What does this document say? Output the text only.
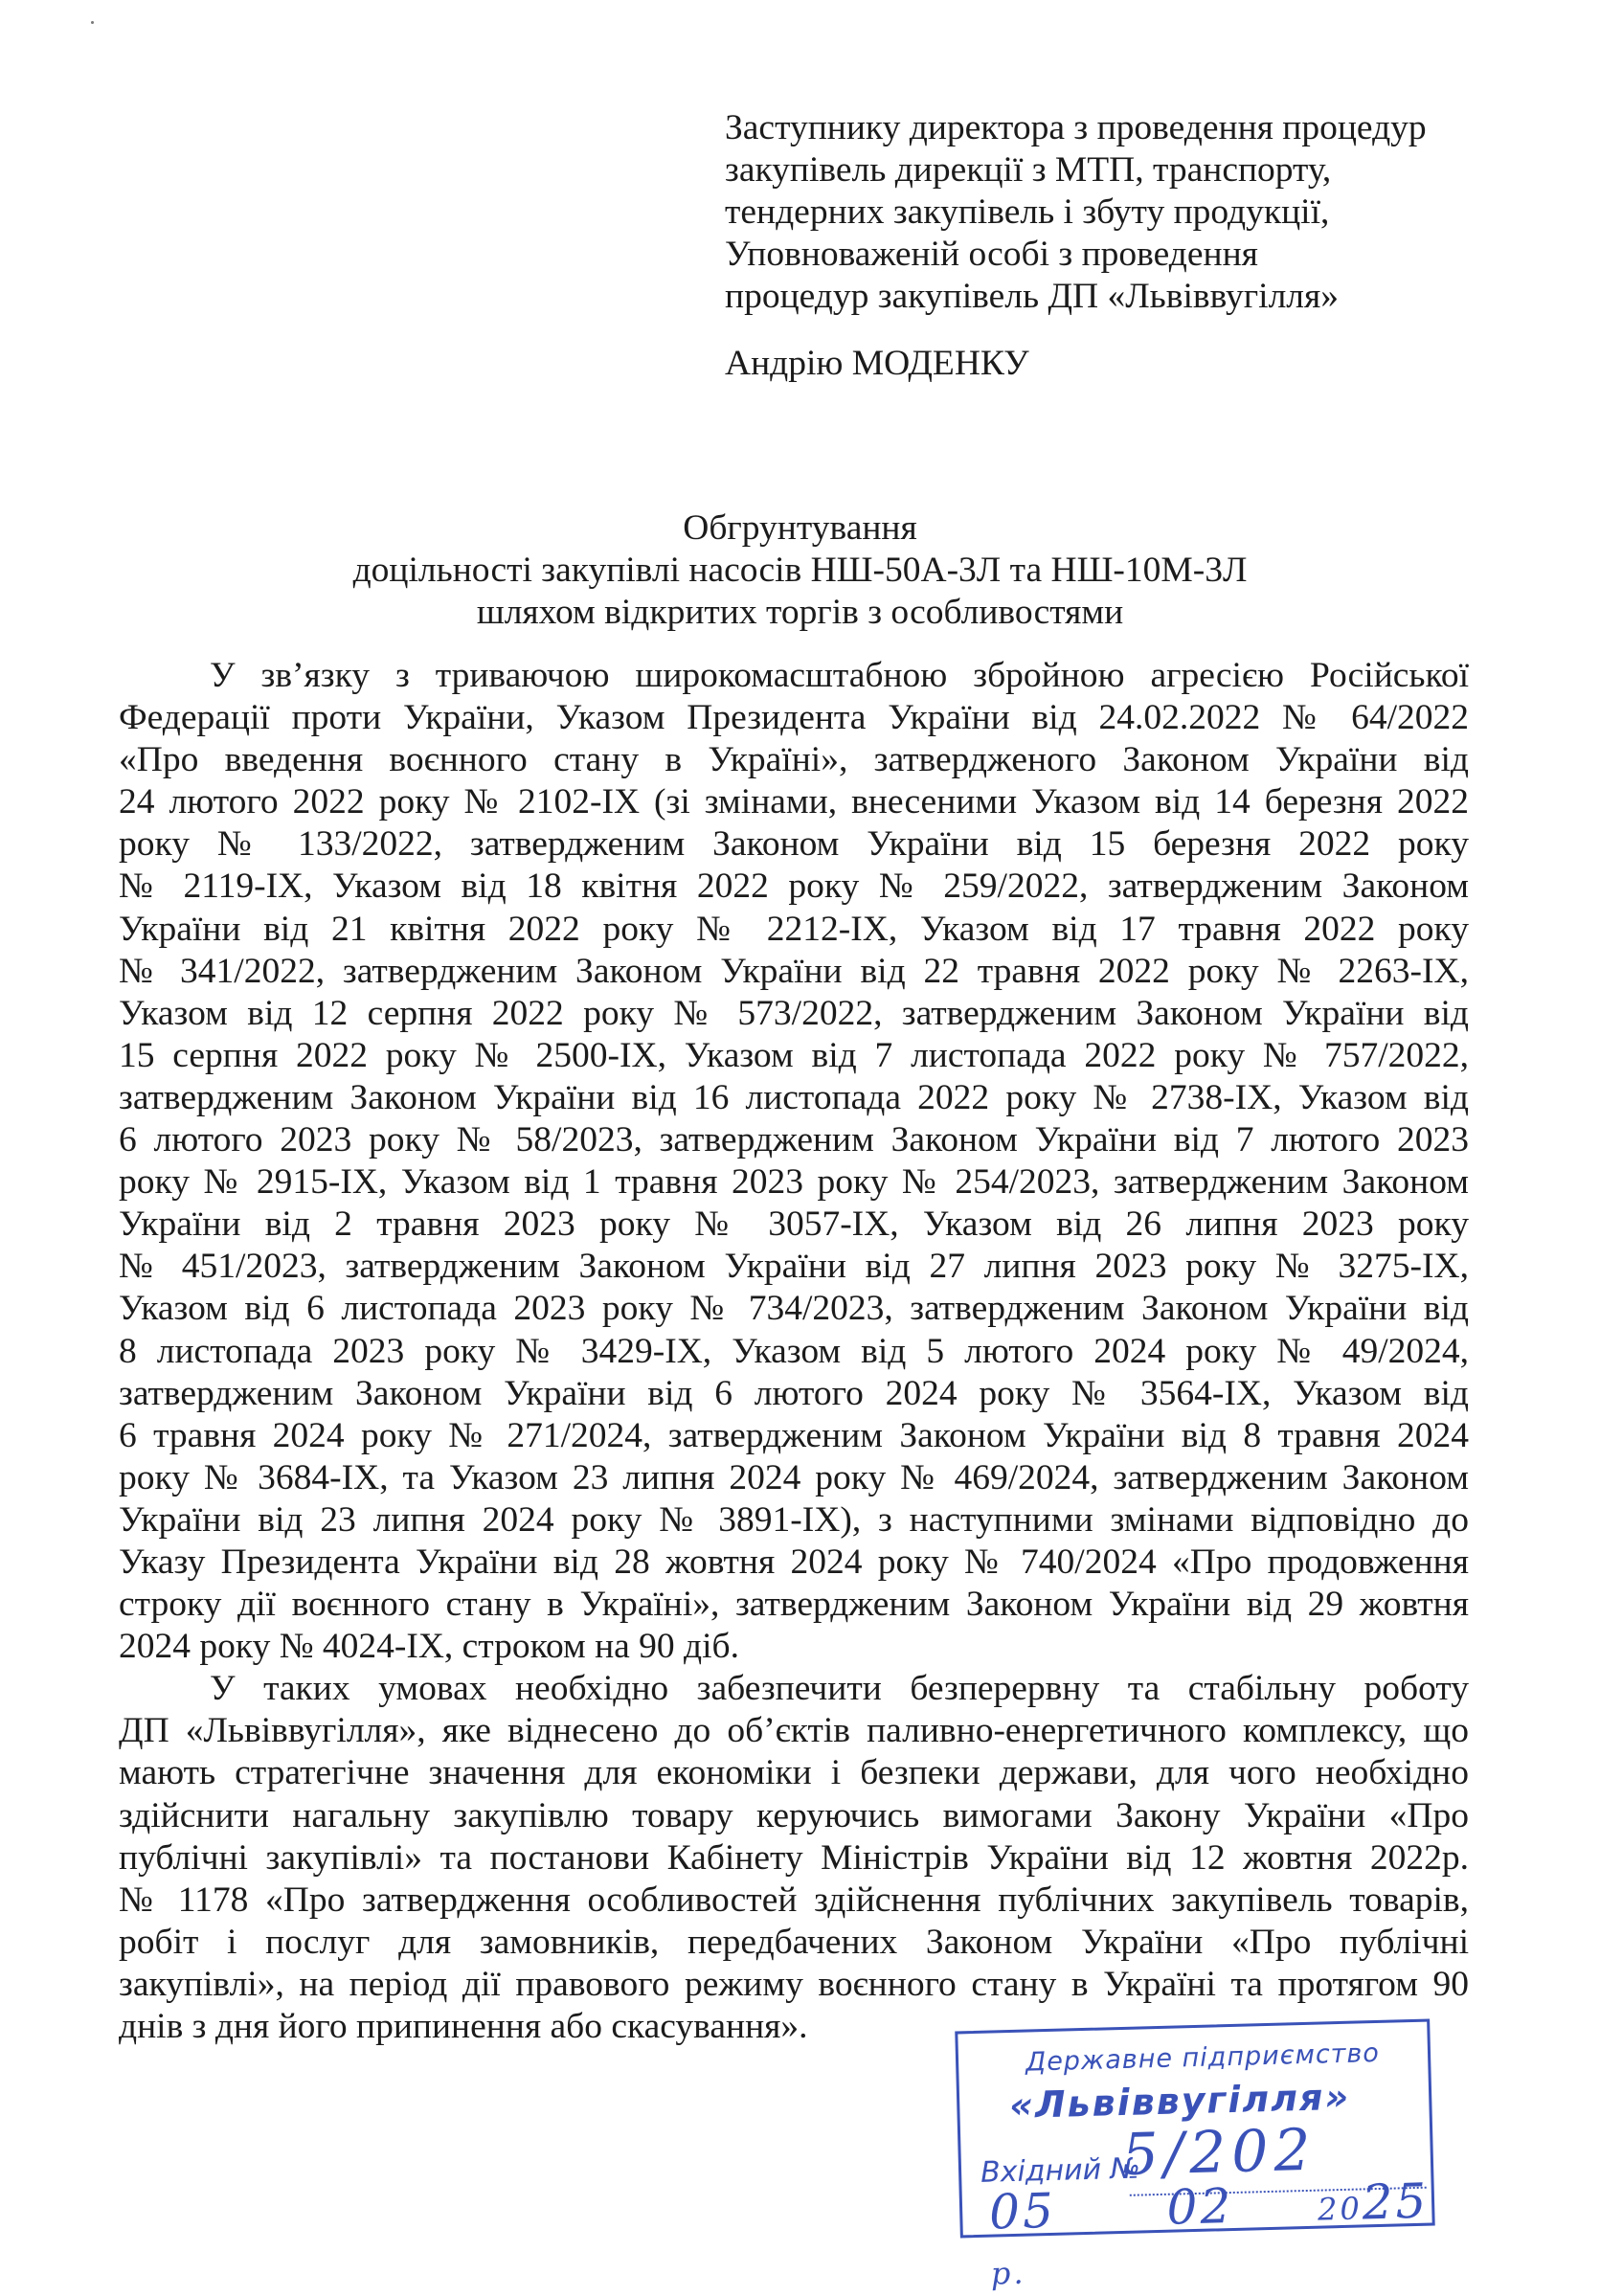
Заступнику директора з проведення процедур
закупівель дирекції з МТП, транспорту,
тендерних закупівель і збуту продукції,
Уповноваженій особі з проведення
процедур закупівель ДП «Львіввугілля»
Андрію МОДЕНКУ
Обгрунтування
доцільності закупівлі насосів НШ-50А-3Л та НШ-10М-3Л
шляхом відкритих торгів з особливостями
У зв’язку з триваючою широкомасштабною збройною агресією Російської
Федерації проти України, Указом Президента України від 24.02.2022 № 64/2022
«Про введення воєнного стану в Україні», затвердженого Законом України від
24 лютого 2022 року № 2102-IX (зі змінами, внесеними Указом від 14 березня 2022
року № 133/2022, затвердженим Законом України від 15 березня 2022 року
№ 2119-IX, Указом від 18 квітня 2022 року № 259/2022, затвердженим Законом
України від 21 квітня 2022 року № 2212-IX, Указом від 17 травня 2022 року
№ 341/2022, затвердженим Законом України від 22 травня 2022 року № 2263-IX,
Указом від 12 серпня 2022 року № 573/2022, затвердженим Законом України від
15 серпня 2022 року № 2500-IX, Указом від 7 листопада 2022 року № 757/2022,
затвердженим Законом України від 16 листопада 2022 року № 2738-IX, Указом від
6 лютого 2023 року № 58/2023, затвердженим Законом України від 7 лютого 2023
року № 2915-IX, Указом від 1 травня 2023 року № 254/2023, затвердженим Законом
України від 2 травня 2023 року № 3057-IX, Указом від 26 липня 2023 року
№ 451/2023, затвердженим Законом України від 27 липня 2023 року № 3275-IX,
Указом від 6 листопада 2023 року № 734/2023, затвердженим Законом України від
8 листопада 2023 року № 3429-IX, Указом від 5 лютого 2024 року № 49/2024,
затвердженим Законом України від 6 лютого 2024 року № 3564-IX, Указом від
6 травня 2024 року № 271/2024, затвердженим Законом України від 8 травня 2024
року № 3684-IX, та Указом 23 липня 2024 року № 469/2024, затвердженим Законом
України від 23 липня 2024 року № 3891-IX), з наступними змінами відповідно до
Указу Президента України від 28 жовтня 2024 року № 740/2024 «Про продовження
строку дії воєнного стану в Україні», затвердженим Законом України від 29 жовтня
2024 року № 4024-IX, строком на 90 діб.
У таких умовах необхідно забезпечити безперервну та стабільну роботу
ДП «Львіввугілля», яке віднесено до об’єктів паливно-енергетичного комплексу, що
мають стратегічне значення для економіки і безпеки держави, для чого необхідно
здійснити нагальну закупівлю товару керуючись вимогами Закону України «Про
публічні закупівлі» та постанови Кабінету Міністрів України від 12 жовтня 2022р.
№ 1178 «Про затвердження особливостей здійснення публічних закупівель товарів,
робіт і послуг для замовників, передбачених Законом України «Про публічні
закупівлі», на період дії правового режиму воєнного стану в Україні та протягом 90
днів з дня його припинення або скасування».
Державне підприємство
«Львіввугілля»
Вхідний №
5/202
05 02	2025 р.
